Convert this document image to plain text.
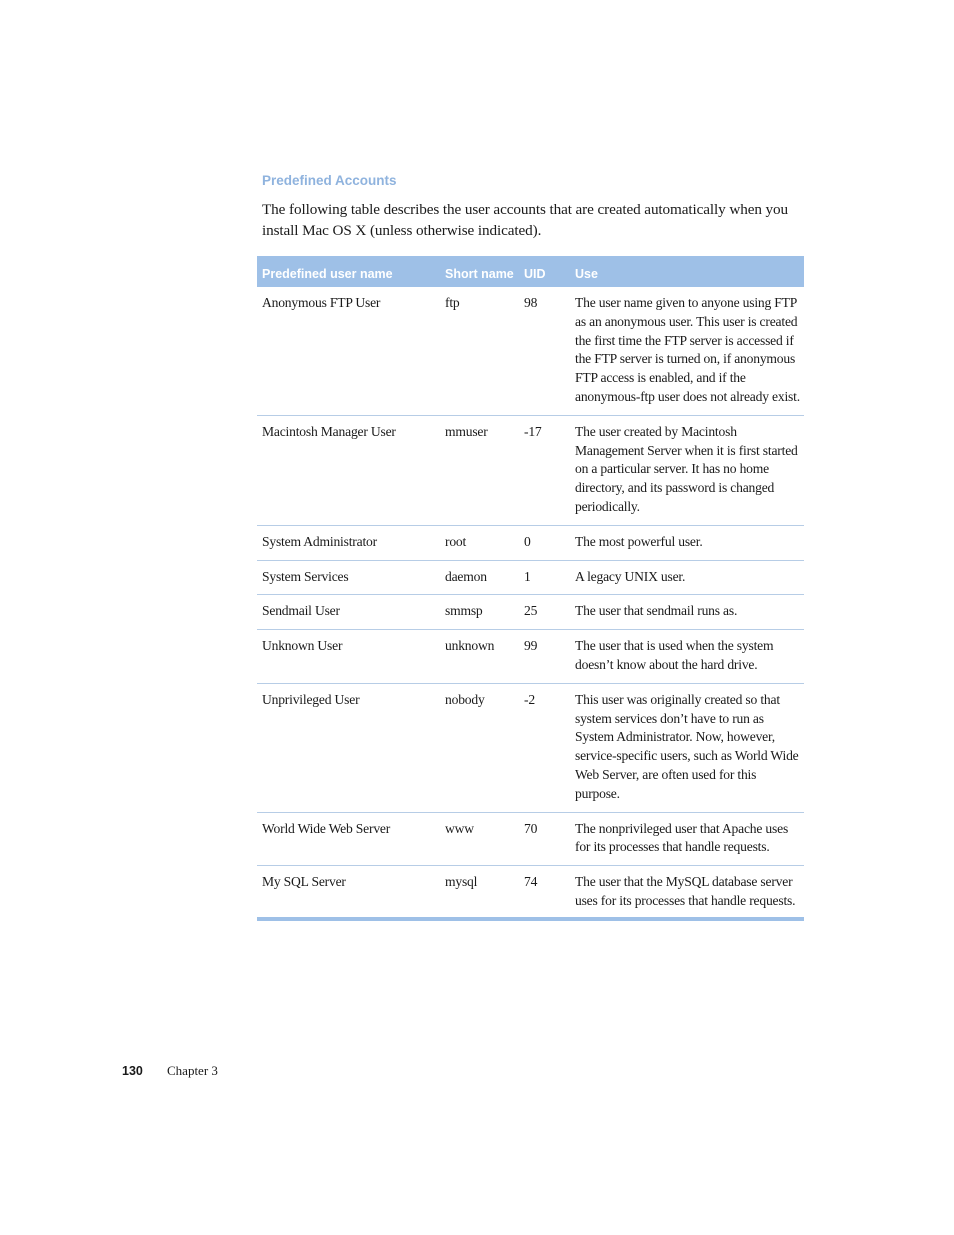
Predefined Accounts

The following table describes the user accounts that are created automatically when you install Mac OS X (unless otherwise indicated).

Predefined user name	Short name	UID	Use
Anonymous FTP User	ftp	98	The user name given to anyone using FTP as an anonymous user. This user is created the first time the FTP server is accessed if the FTP server is turned on, if anonymous FTP access is enabled, and if the anonymous-ftp user does not already exist.
Macintosh Manager User	mmuser	-17	The user created by Macintosh Management Server when it is first started on a particular server. It has no home directory, and its password is changed periodically.
System Administrator	root	0	The most powerful user.
System Services	daemon	1	A legacy UNIX user.
Sendmail User	smmsp	25	The user that sendmail runs as.
Unknown User	unknown	99	The user that is used when the system doesn’t know about the hard drive.
Unprivileged User	nobody	-2	This user was originally created so that system services don’t have to run as System Administrator. Now, however, service-specific users, such as World Wide Web Server, are often used for this purpose.
World Wide Web Server	www	70	The nonprivileged user that Apache uses for its processes that handle requests.
My SQL Server	mysql	74	The user that the MySQL database server uses for its processes that handle requests.
130	Chapter 3
